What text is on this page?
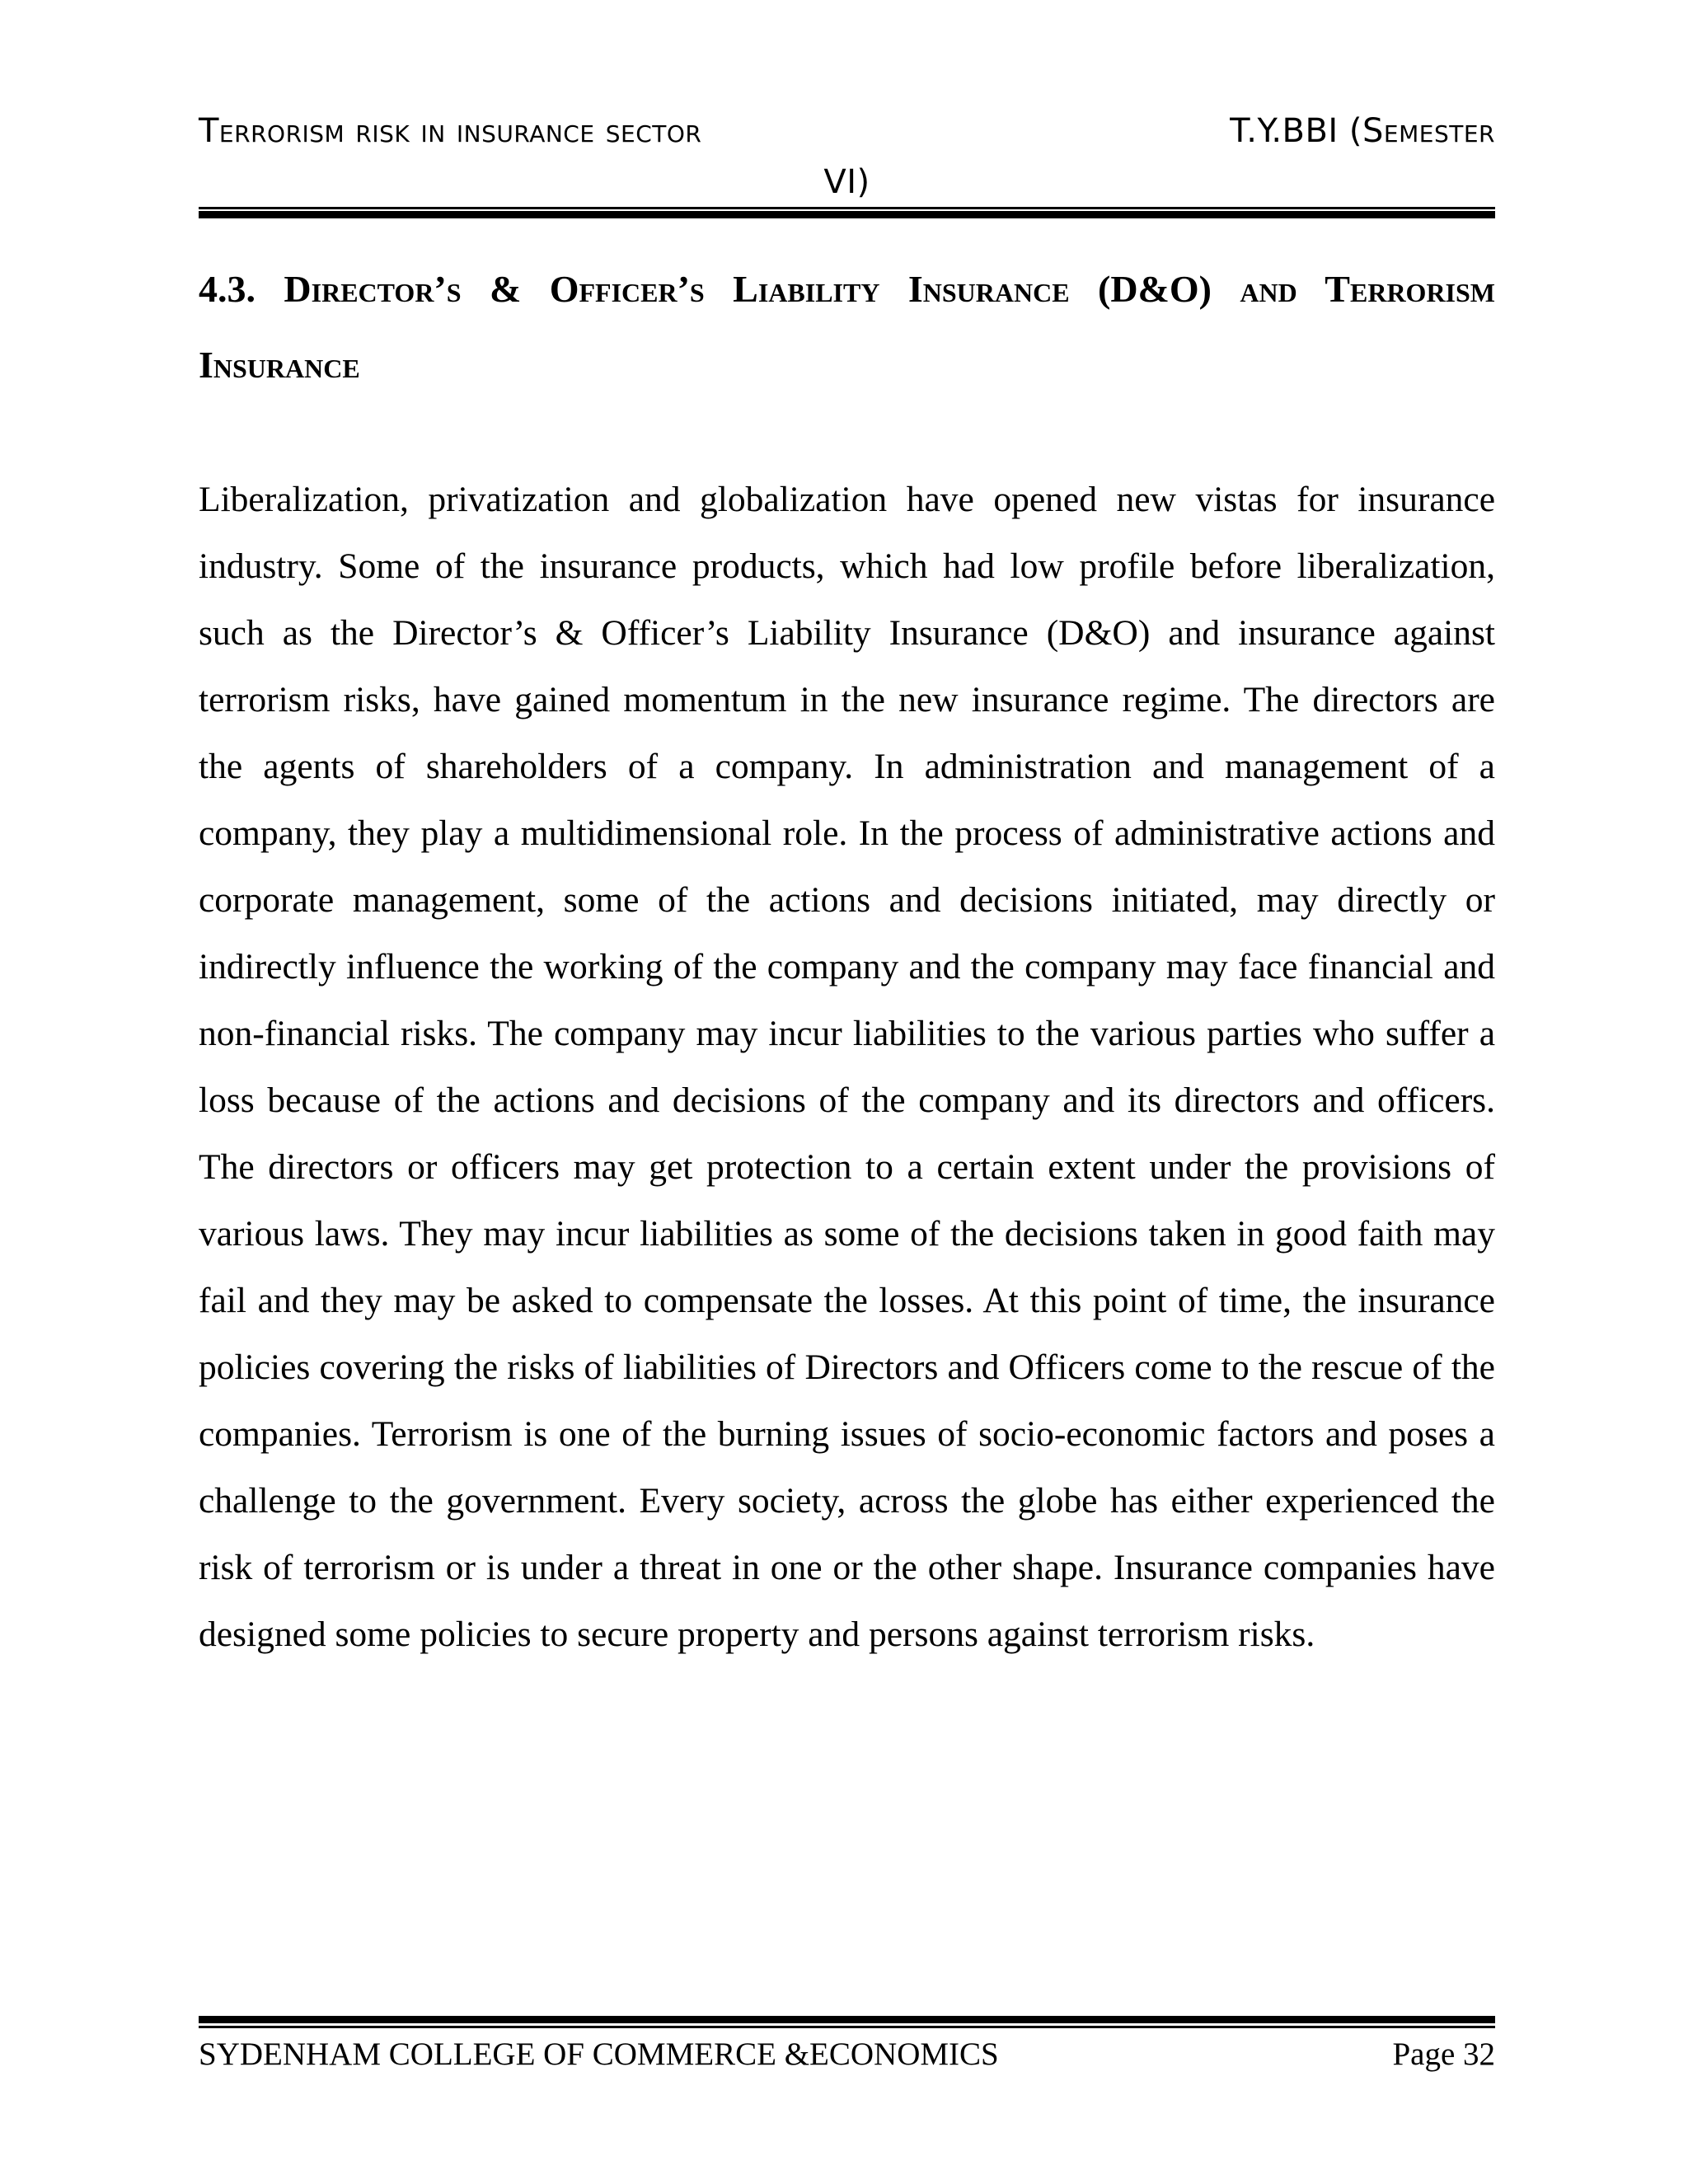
Terrorism risk in insurance sector	T.Y.BBI (Semester
VI)
4.3. Director’s & Officer’s Liability Insurance (D&O) and Terrorism Insurance

Liberalization, privatization and globalization have opened new vistas for insurance industry. Some of the insurance products, which had low profile before liberalization, such as the Director’s & Officer’s Liability Insurance (D&O) and insurance against terrorism risks, have gained momentum in the new insurance regime. The directors are the agents of shareholders of a company. In administration and management of a company, they play a multidimensional role. In the process of administrative actions and corporate management, some of the actions and decisions initiated, may directly or indirectly influence the working of the company and the company may face financial and non-financial risks. The company may incur liabilities to the various parties who suffer a loss because of the actions and decisions of the company and its directors and officers. The directors or officers may get protection to a certain extent under the provisions of various laws. They may incur liabilities as some of the decisions taken in good faith may fail and they may be asked to compensate the losses. At this point of time, the insurance policies covering the risks of liabilities of Directors and Officers come to the rescue of the companies. Terrorism is one of the burning issues of socio-economic factors and poses a challenge to the government. Every society, across the globe has either experienced the risk of terrorism or is under a threat in one or the other shape. Insurance companies have designed some policies to secure property and persons against terrorism risks.

SYDENHAM COLLEGE OF COMMERCE &ECONOMICS	Page 32
